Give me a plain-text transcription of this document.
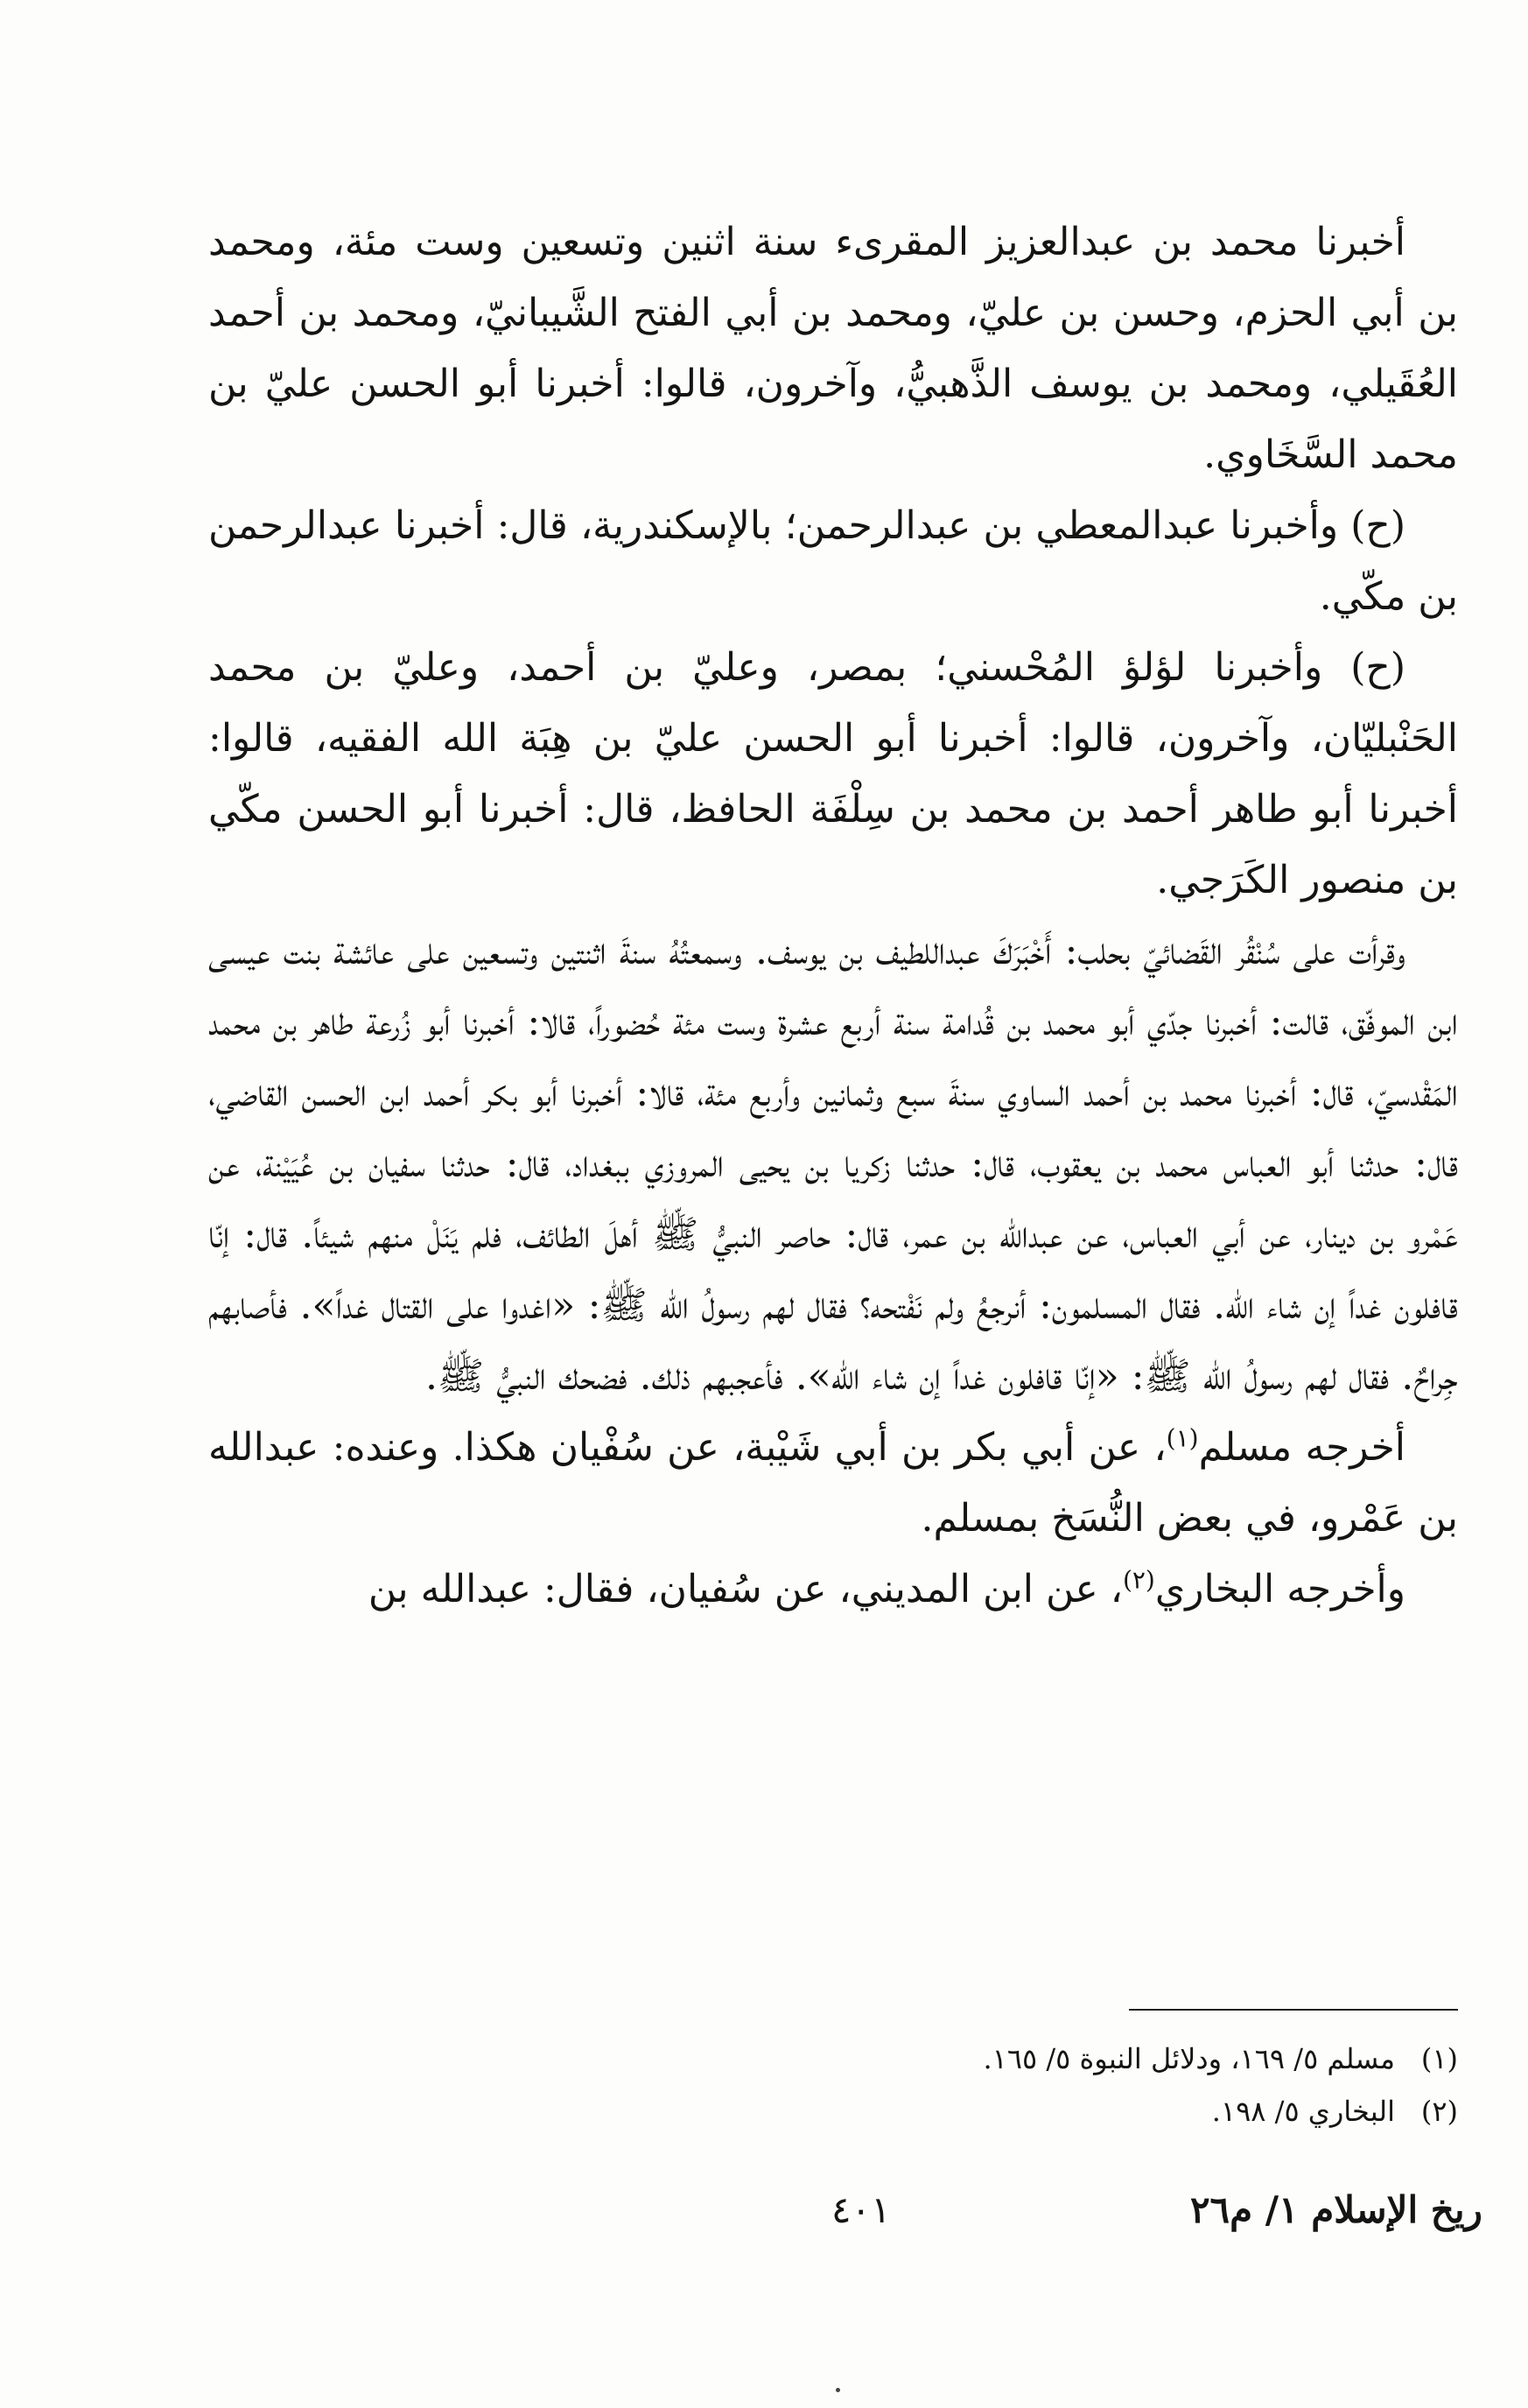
أخبرنا محمد بن عبدالعزيز المقرىء سنة اثنين وتسعين وست مئة، ومحمد بن أبي الحزم، وحسن بن عليّ، ومحمد بن أبي الفتح الشَّيبانيّ، ومحمد بن أحمد العُقَيلي، ومحمد بن يوسف الذَّهبيُّ، وآخرون، قالوا: أخبرنا أبو الحسن عليّ بن محمد السَّخَاوي.

(ح) وأخبرنا عبدالمعطي بن عبدالرحمن؛ بالإسكندرية، قال: أخبرنا عبدالرحمن بن مكّي.

(ح) وأخبرنا لؤلؤ المُحْسني؛ بمصر، وعليّ بن أحمد، وعليّ بن محمد الحَنْبليّان، وآخرون، قالوا: أخبرنا أبو الحسن عليّ بن هِبَة الله الفقيه، قالوا: أخبرنا أبو طاهر أحمد بن محمد بن سِلْفَة الحافظ، قال: أخبرنا أبو الحسن مكّي بن منصور الكَرَجي.

وقرأت على سُنْقُر القَضائيّ بحلب: أَخْبَرَكَ عبداللطيف بن يوسف. وسمعتُهُ سنةَ اثنتين وتسعين على عائشة بنت عيسى ابن الموفّق، قالت: أخبرنا جدّي أبو محمد بن قُدامة سنة أربع عشرة وست مئة حُضوراً، قالا: أخبرنا أبو زُرعة طاهر بن محمد المَقْدسيّ، قال: أخبرنا محمد بن أحمد الساوي سنةَ سبع وثمانين وأربع مئة، قالا: أخبرنا أبو بكر أحمد ابن الحسن القاضي، قال: حدثنا أبو العباس محمد بن يعقوب، قال: حدثنا زكريا بن يحيى المروزي ببغداد، قال: حدثنا سفيان بن عُيَيْنة، عن عَمْرو بن دينار، عن أبي العباس، عن عبدالله بن عمر، قال: حاصر النبيُّ ﷺ أهلَ الطائف، فلم يَنَلْ منهم شيئاً. قال: إنّا قافلون غداً إن شاء الله. فقال المسلمون: أنرجعُ ولم نَفْتحه؟ فقال لهم رسولُ الله ﷺ: «اغدوا على القتال غداً». فأصابهم جِراحٌ. فقال لهم رسولُ الله ﷺ: «إنّا قافلون غداً إن شاء الله». فأعجبهم ذلك. فضحك النبيُّ ﷺ.

أخرجه مسلم$^{(١)}$، عن أبي بكر بن أبي شَيْبة، عن سُفْيان هكذا. وعنده: عبدالله بن عَمْرو، في بعض النُّسَخ بمسلم.

وأخرجه البخاري$^{(٢)}$، عن ابن المديني، عن سُفيان، فقال: عبدالله بن

(١)مسلم ٥/ ١٦٩، ودلائل النبوة ٥/ ١٦٥.

(٢)البخاري ٥/ ١٩٨.

٤٠١	ريخ الإسلام ١/ م٢٦
